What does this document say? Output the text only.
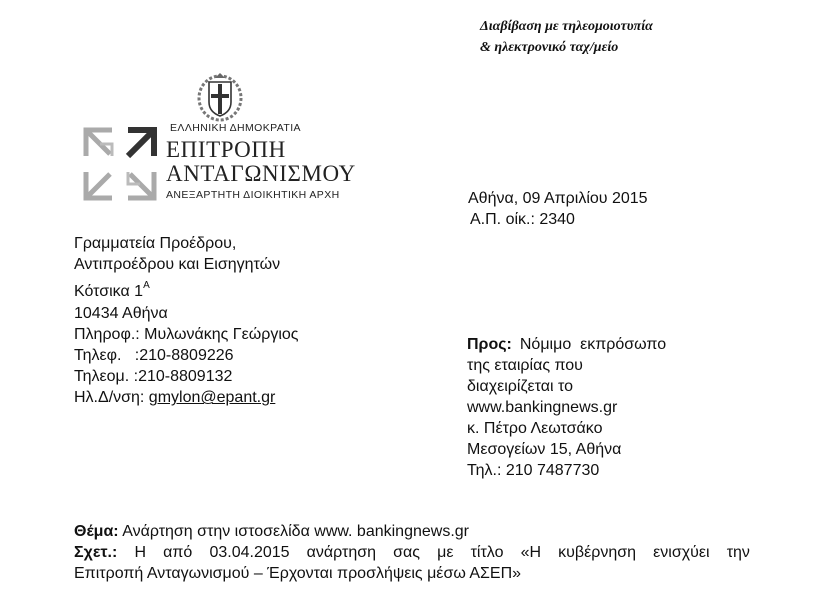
Διαβίβαση με τηλεομοιοτυπία
& ηλεκτρονικό ταχ/μείο
ΕΛΛΗΝΙΚΗ ΔΗΜΟΚΡΑΤΙΑ
ΕΠΙΤΡΟΠΗ
ΑΝΤΑΓΩΝΙΣΜΟΥ
ΑΝΕΞΑΡΤΗΤΗ ΔΙΟΙΚΗΤΙΚΗ ΑΡΧΗ	Αθήνα, 09 Απριλίου 2015
Α.Π. οίκ.: 2340
Γραμματεία Προέδρου,
Αντιπροέδρου και Εισηγητών
Κότσικα $1^A$
10434 Αθήνα
Πληροφ.: Μυλωνάκης Γεώργιος
Τηλεφ.   :210-8809226
Τηλεομ. :210-8809132
Ηλ.Δ/νση: gmylon@epant.gr
Προς: Νόμιμο  εκπρόσωπο
της εταιρίας που
διαχειρίζεται το
www.bankingnews.gr
κ. Πέτρο Λεωτσάκο
Μεσογείων 15, Αθήνα
Τηλ.: 210 7487730
Θέμα: Ανάρτηση στην ιστοσελίδα www. bankingnews.gr
Σχετ.: Η από 03.04.2015 ανάρτηση σας με τίτλο «Η κυβέρνηση ενισχύει την
Επιτροπή Ανταγωνισμού – Έρχονται προσλήψεις μέσω ΑΣΕΠ»
